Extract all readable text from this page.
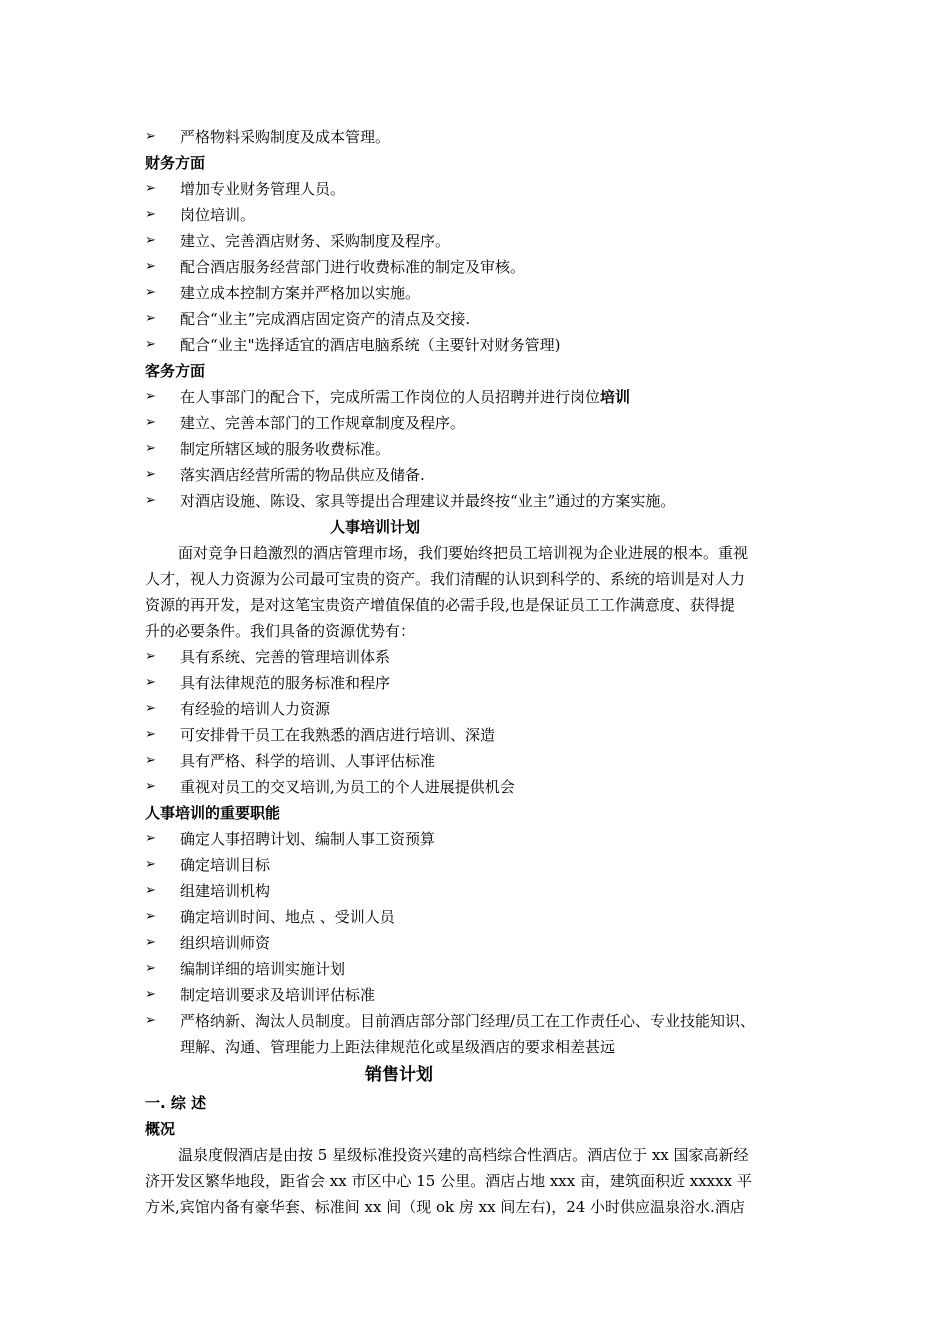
➢	严格物料采购制度及成本管理。
财务方面
➢	增加专业财务管理人员。
➢	岗位培训。
➢	建立、完善酒店财务、采购制度及程序。
➢	配合酒店服务经营部门进行收费标准的制定及审核。
➢	建立成本控制方案并严格加以实施。
➢	配合“业主”完成酒店固定资产的清点及交接.
➢	配合“业主"选择适宜的酒店电脑系统（主要针对财务管理)
客务方面
➢	在人事部门的配合下，完成所需工作岗位的人员招聘并进行岗位培训
➢	建立、完善本部门的工作规章制度及程序。
➢	制定所辖区域的服务收费标准。
➢	落实酒店经营所需的物品供应及储备.
➢	对酒店设施、陈设、家具等提出合理建议并最终按“业主”通过的方案实施。
人事培训计划
面对竞争日趋激烈的酒店管理市场，我们要始终把员工培训视为企业进展的根本。重视
人才，视人力资源为公司最可宝贵的资产。我们清醒的认识到科学的、系统的培训是对人力
资源的再开发，是对这笔宝贵资产增值保值的必需手段,也是保证员工工作满意度、获得提
升的必要条件。我们具备的资源优势有：
➢	具有系统、完善的管理培训体系
➢	具有法律规范的服务标准和程序
➢	有经验的培训人力资源
➢	可安排骨干员工在我熟悉的酒店进行培训、深造
➢	具有严格、科学的培训、人事评估标准
➢	重视对员工的交叉培训,为员工的个人进展提供机会
人事培训的重要职能
➢	确定人事招聘计划、编制人事工资预算
➢	确定培训目标
➢	组建培训机构
➢	确定培训时间、地点 、受训人员
➢	组织培训师资
➢	编制详细的培训实施计划
➢	制定培训要求及培训评估标准
➢ 严格纳新、淘汰人员制度。目前酒店部分部门经理/员工在工作责任心、专业技能知识、
理解、沟通、管理能力上距法律规范化或星级酒店的要求相差甚远
销售计划
一. 综 述
概况
温泉度假酒店是由按 5 星级标准投资兴建的高档综合性酒店。酒店位于 xx 国家高新经
济开发区繁华地段，距省会 xx 市区中心 15 公里。酒店占地 xxx 亩，建筑面积近 xxxxx 平
方米,宾馆内备有豪华套、标准间 xx 间（现 ok 房 xx 间左右)，24 小时供应温泉浴水.酒店
